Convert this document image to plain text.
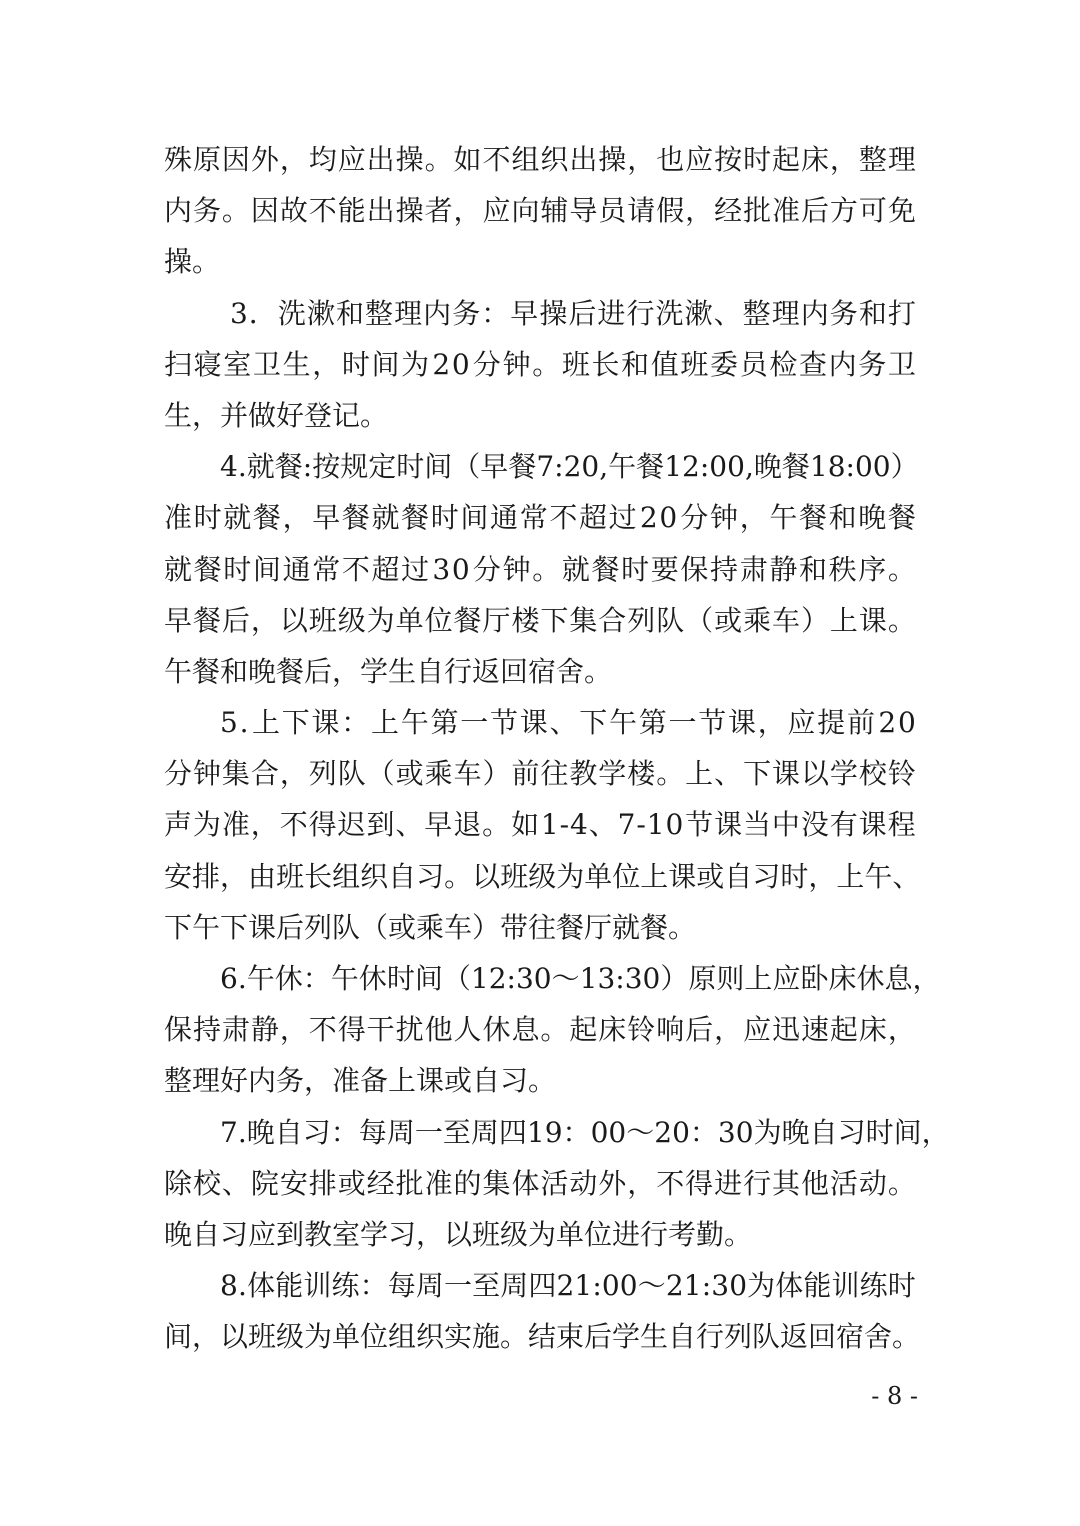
殊 原 因 外 ， 均 应 出 操 。 如 不 组 织 出 操 ， 也 应 按 时 起 床 ， 整 理
内 务 。 因 故 不 能 出 操 者 ， 应 向 辅 导 员 请 假 ， 经 批 准 后 方 可 免
操。
3 ． 洗 漱 和 整 理 内 务 ： 早 操 后 进 行 洗 漱 、 整 理 内 务 和 打
扫 寝 室 卫 生 ， 时 间 为 2 0 分 钟 。 班 长 和 值 班 委 员 检 查 内 务 卫
生，并做好登记。
4 . 就 餐 : 按 规 定 时 间 （ 早 餐 7 : 2 0 , 午 餐 1 2 : 0 0 , 晚 餐 1 8 : 0 0 ）
准 时 就 餐 ， 早 餐 就 餐 时 间 通 常 不 超 过 2 0 分 钟 ， 午 餐 和 晚 餐
就 餐 时 间 通 常 不 超 过 3 0 分 钟 。 就 餐 时 要 保 持 肃 静 和 秩 序 。
早 餐 后 ， 以 班 级 为 单 位 餐 厅 楼 下 集 合 列 队 （ 或 乘 车 ） 上 课 。
午餐和晚餐后，学生自行返回宿舍。
5 . 上 下 课 ： 上 午 第 一 节 课 、 下 午 第 一 节 课 ， 应 提 前 2 0
分 钟 集 合 ， 列 队 （ 或 乘 车 ） 前 往 教 学 楼 。 上 、 下 课 以 学 校 铃
声 为 准 ， 不 得 迟 到 、 早 退 。 如 1 - 4 、 7 - 1 0 节 课 当 中 没 有 课 程
安 排 ， 由 班 长 组 织 自 习 。 以 班 级 为 单 位 上 课 或 自 习 时 ， 上 午 、
下午下课后列队（或乘车）带往餐厅就餐。
6 . 午 休 ： 午 休 时 间 （ 1 2 : 3 0 ～ 1 3 : 3 0 ） 原 则 上 应 卧 床 休 息 ，
保 持 肃 静 ， 不 得 干 扰 他 人 休 息 。 起 床 铃 响 后 ， 应 迅 速 起 床 ，
整理好内务，准备上课或自习。
7 . 晚 自 习 ： 每 周 一 至 周 四 1 9 ： 0 0 ～ 2 0 ： 3 0 为 晚 自 习 时 间 ，
除 校 、 院 安 排 或 经 批 准 的 集 体 活 动 外 ， 不 得 进 行 其 他 活 动 。
晚自习应到教室学习，以班级为单位进行考勤。
8 . 体 能 训 练 ： 每 周 一 至 周 四 2 1 : 0 0 ～ 2 1 : 3 0 为 体 能 训 练 时
间，以班级为单位组织实施。结束后学生自行列队返回宿舍。
- 8 -
